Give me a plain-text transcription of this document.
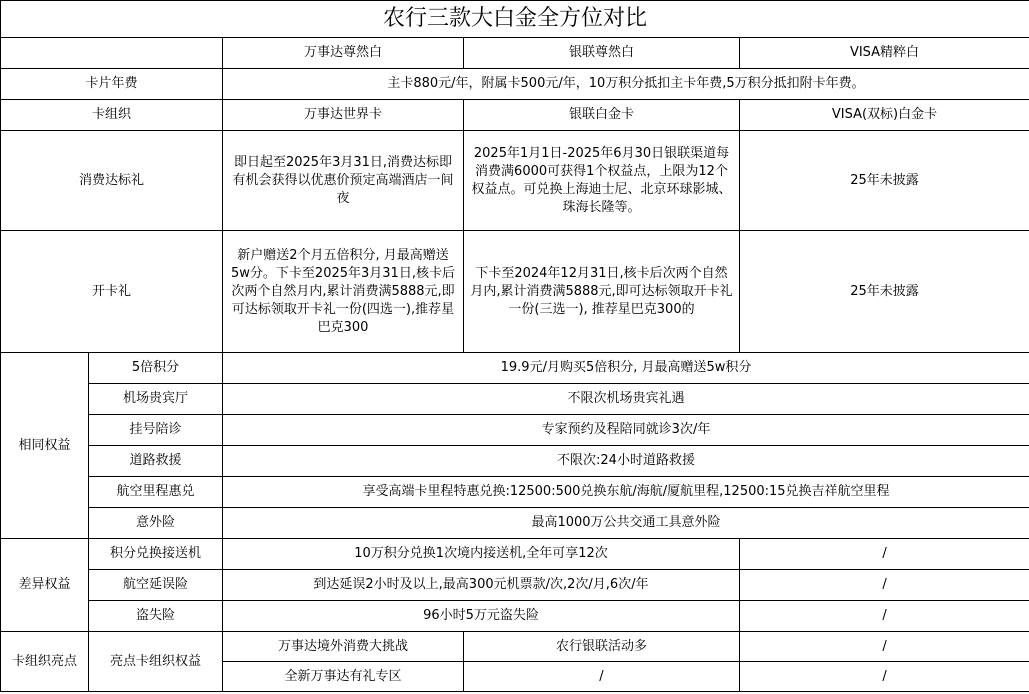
农行三款大白金全方位对比				
		万事达尊然白	银联尊然白	VISA精粹白
卡片年费		主卡880元/年，附属卡500元/年，10万积分抵扣主卡年费,5万积分抵扣附卡年费。		
卡组织		万事达世界卡	银联白金卡	VISA(双标)白金卡
消费达标礼		即日起至2025年3月31日,消费达标即有机会获得以优惠价预定高端酒店一间夜	2025年1月1日-2025年6月30日银联渠道每消费满6000可获得1个权益点，上限为12个权益点。可兑换上海迪士尼、北京环球影城、珠海长隆等。	25年未披露
开卡礼		新户赠送2个月五倍积分, 月最高赠送5w分。下卡至2025年3月31日,核卡后次两个自然月内,累计消费满5888元,即可达标领取开卡礼一份(四选一),推荐星巴克300	下卡至2024年12月31日,核卡后次两个自然月内,累计消费满5888元,即可达标领取开卡礼一份(三选一), 推荐星巴克300的	25年未披露
相同权益	5倍积分	19.9元/月购买5倍积分, 月最高赠送5w积分		
	机场贵宾厅	不限次机场贵宾礼遇		
	挂号陪诊	专家预约及程陪同就诊3次/年		
	道路救援	不限次:24小时道路救援		
	航空里程惠兑	享受高端卡里程特惠兑换:12500:500兑换东航/海航/厦航里程,12500:15兑换吉祥航空里程		
	意外险	最高1000万公共交通工具意外险		
差异权益	积分兑换接送机	10万积分兑换1次境内接送机,全年可享12次		/
	航空延误险	到达延误2小时及以上,最高300元机票款/次,2次/月,6次/年		/
	盗失险	96小时5万元盗失险		/
卡组织亮点	亮点卡组织权益	万事达境外消费大挑战	农行银联活动多	/
		全新万事达有礼专区	/	/
